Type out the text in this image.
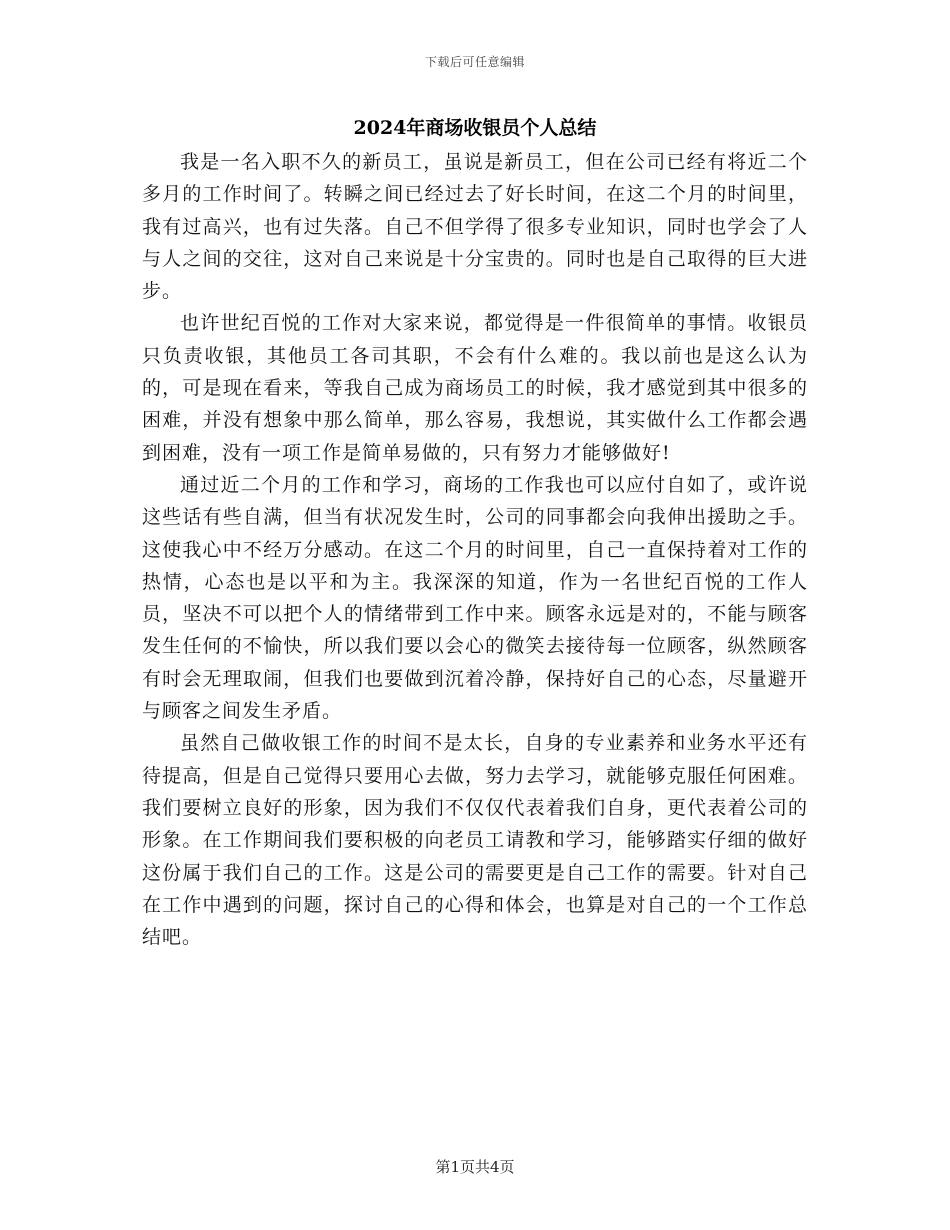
下载后可任意编辑
2024年商场收银员个人总结

我是一名入职不久的新员工，虽说是新员工，但在公司已经有将近二个多月的工作时间了。转瞬之间已经过去了好长时间，在这二个月的时间里，我有过高兴，也有过失落。自己不但学得了很多专业知识，同时也学会了人与人之间的交往，这对自己来说是十分宝贵的。同时也是自己取得的巨大进步。

也许世纪百悦的工作对大家来说，都觉得是一件很简单的事情。收银员只负责收银，其他员工各司其职，不会有什么难的。我以前也是这么认为的，可是现在看来，等我自己成为商场员工的时候，我才感觉到其中很多的困难，并没有想象中那么简单，那么容易，我想说，其实做什么工作都会遇到困难，没有一项工作是简单易做的，只有努力才能够做好!

通过近二个月的工作和学习，商场的工作我也可以应付自如了，或许说这些话有些自满，但当有状况发生时，公司的同事都会向我伸出援助之手。这使我心中不经万分感动。在这二个月的时间里，自己一直保持着对工作的热情，心态也是以平和为主。我深深的知道，作为一名世纪百悦的工作人员，坚决不可以把个人的情绪带到工作中来。顾客永远是对的，不能与顾客发生任何的不愉快，所以我们要以会心的微笑去接待每一位顾客，纵然顾客有时会无理取闹，但我们也要做到沉着冷静，保持好自己的心态，尽量避开与顾客之间发生矛盾。

虽然自己做收银工作的时间不是太长，自身的专业素养和业务水平还有待提高，但是自己觉得只要用心去做，努力去学习，就能够克服任何困难。我们要树立良好的形象，因为我们不仅仅代表着我们自身，更代表着公司的形象。在工作期间我们要积极的向老员工请教和学习，能够踏实仔细的做好这份属于我们自己的工作。这是公司的需要更是自己工作的需要。针对自己在工作中遇到的问题，探讨自己的心得和体会，也算是对自己的一个工作总结吧。

第1页共4页
